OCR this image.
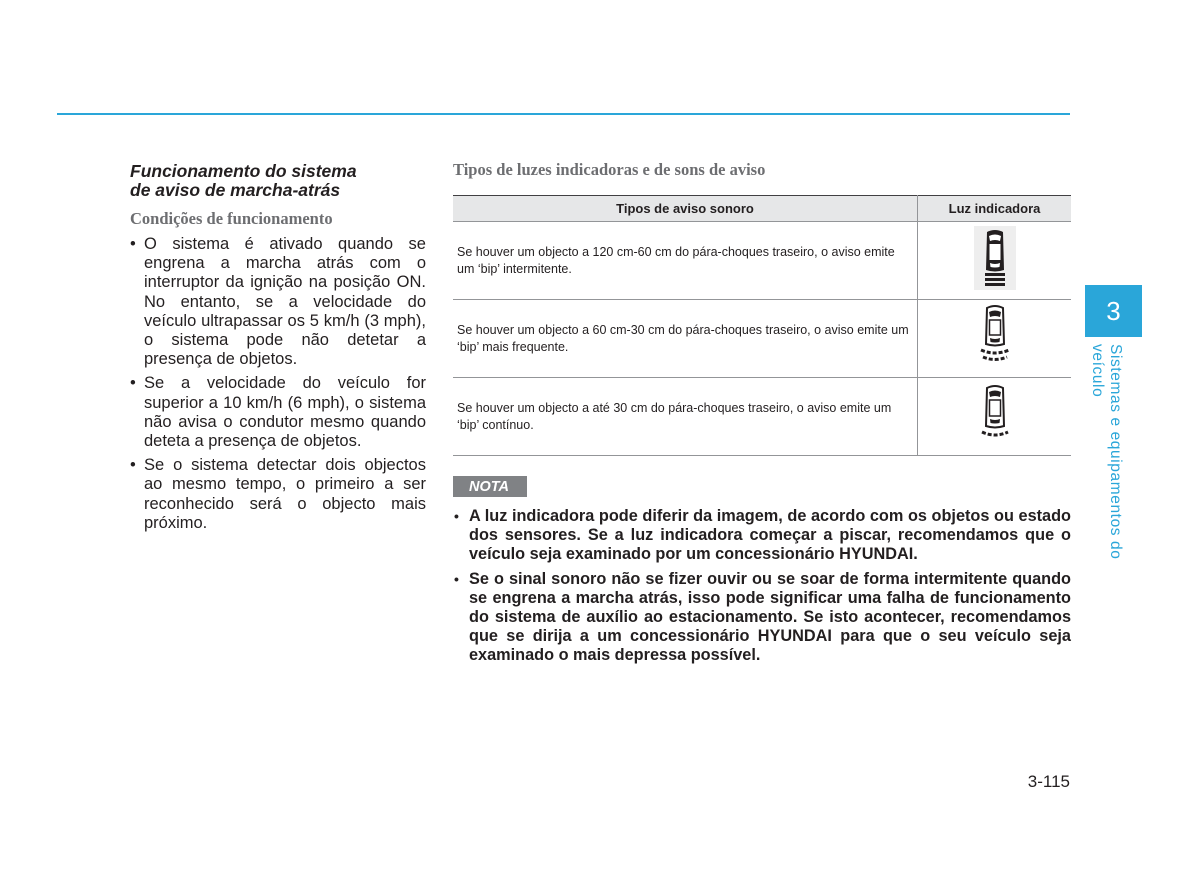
Funcionamento do sistema
de aviso de marcha-atrás
Condições de funcionamento
• O sistema é ativado quando se engrena a marcha atrás com o interruptor da ignição na posição ON. No entanto, se a velocidade do veículo ultrapassar os 5 km/h (3 mph), o sistema pode não detetar a presença de objetos.
• Se a velocidade do veículo for superior a 10 km/h (6 mph), o sistema não avisa o condutor mesmo quando deteta a presença de objetos.
• Se o sistema detectar dois objectos ao mesmo tempo, o primeiro a ser reconhecido será o objecto mais próximo.
Tipos de luzes indicadoras e de sons de aviso
Tipos de aviso sonoro	Luz indicadora
Se houver um objecto a 120 cm-60 cm do pára-choques traseiro, o aviso emite um ‘bip’ intermitente.	
Se houver um objecto a 60 cm-30 cm do pára-choques traseiro, o aviso emite um ‘bip’ mais frequente.	
Se houver um objecto a até 30 cm do pára-choques traseiro, o aviso emite um ‘bip’ contínuo.	
NOTA
• A luz indicadora pode diferir da imagem, de acordo com os objetos ou estado dos sensores. Se a luz indicadora começar a piscar, recomendamos que o veículo seja examinado por um concessionário HYUNDAI.
• Se o sinal sonoro não se fizer ouvir ou se soar de forma intermitente quando se engrena a marcha atrás, isso pode significar uma falha de funcionamento do sistema de auxílio ao estacionamento. Se isto acontecer, recomendamos que se dirija a um concessionário HYUNDAI para que o seu veículo seja examinado o mais depressa possível.
3
Sistemas e equipamentos do veículo
3-115
